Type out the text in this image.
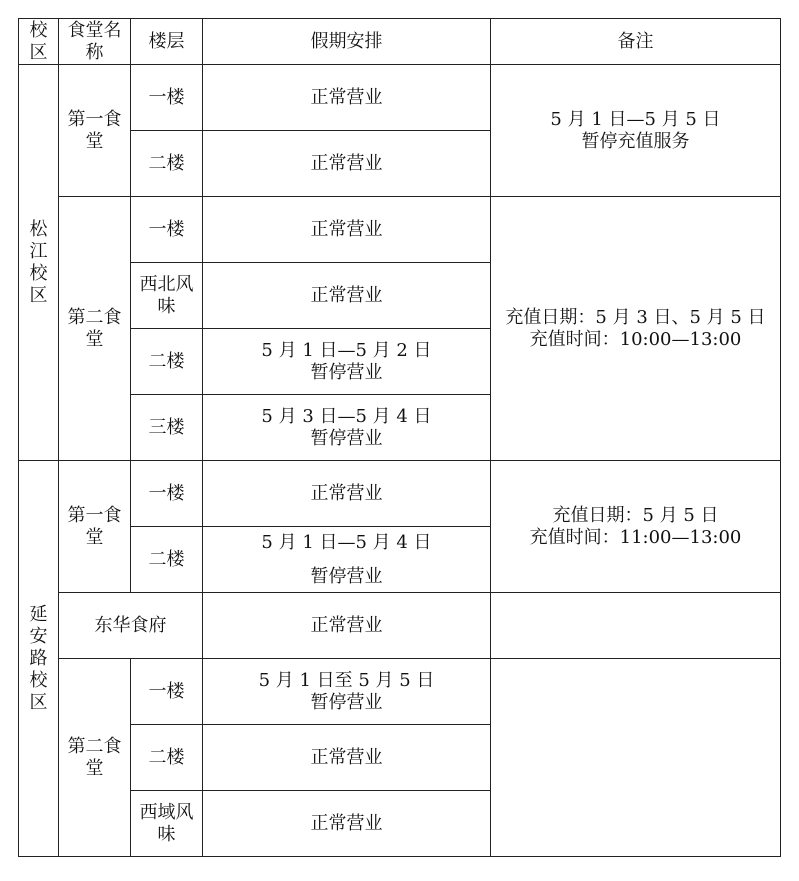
校区	食堂名称	楼层	假期安排	备注
松江校区	第一食堂	一楼	正常营业	5 月 1 日—5 月 5 日
暂停充值服务

		二楼	正常营业	
	第二食堂	一楼	正常营业	充值日期：5 月 3 日、5 月 5 日
充值时间：10:00—13:00

		西北风味	正常营业	
		二楼	5 月 1 日—5 月 2 日
暂停营业	

		三楼	5 月 3 日—5 月 4 日
暂停营业	

延安路校区	第一食堂	一楼	正常营业	充值日期：5 月 5 日
充值时间：11:00—13:00

		二楼	5 月 1 日—5 月 4 日
暂停营业	

	东华食府		正常营业	
	第二食堂	一楼	5 月 1 日至 5 月 5 日
暂停营业	

		二楼	正常营业	
		西域风味	正常营业	
